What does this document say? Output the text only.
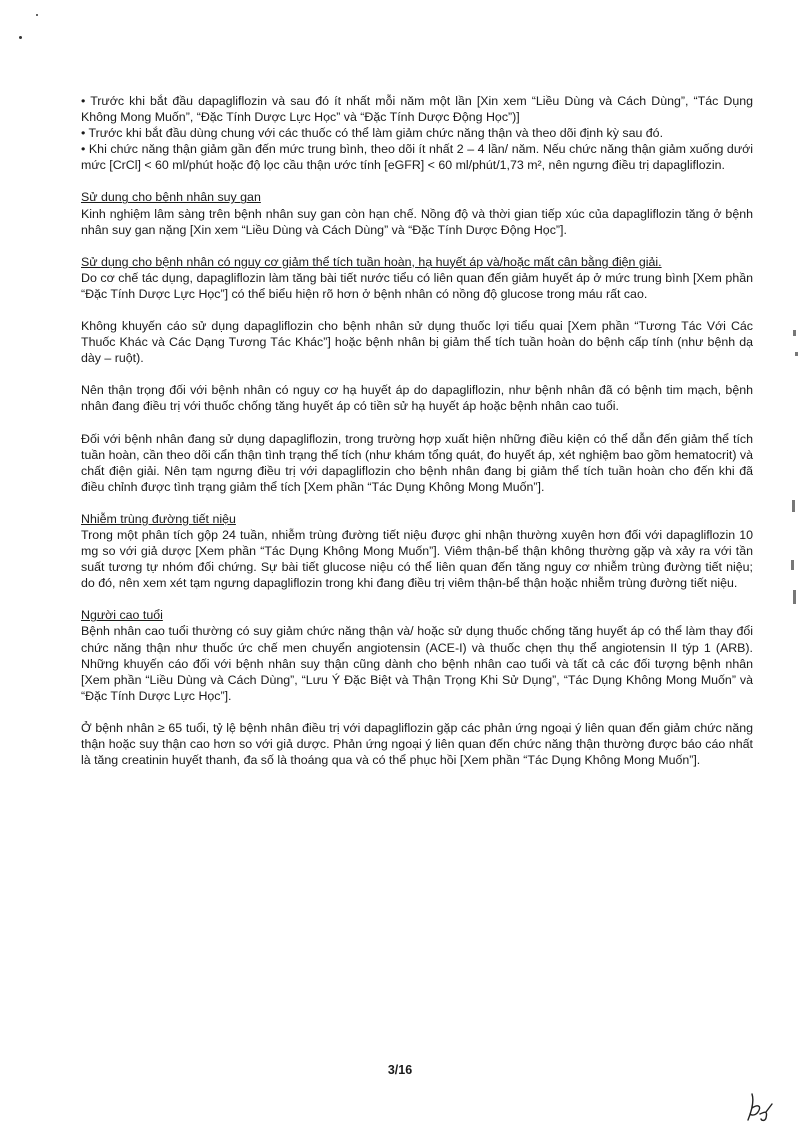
• Trước khi bắt đầu dapagliflozin và sau đó ít nhất mỗi năm một lần [Xin xem “Liều Dùng và Cách Dùng”, “Tác Dụng Không Mong Muốn”, “Đặc Tính Dược Lực Học” và “Đặc Tính Dược Động Học”)]

• Trước khi bắt đầu dùng chung với các thuốc có thể làm giảm chức năng thận và theo dõi định kỳ sau đó.

• Khi chức năng thận giảm gần đến mức trung bình, theo dõi ít nhất 2 – 4 lần/ năm. Nếu chức năng thận giảm xuống dưới mức [CrCl] < 60 ml/phút hoặc độ lọc cầu thận ước tính [eGFR] < 60 ml/phút/1,73 m², nên ngưng điều trị dapagliflozin.

Sử dụng cho bệnh nhân suy gan

Kinh nghiệm lâm sàng trên bệnh nhân suy gan còn hạn chế. Nồng độ và thời gian tiếp xúc của dapagliflozin tăng ở bệnh nhân suy gan nặng [Xin xem “Liều Dùng và Cách Dùng” và “Đặc Tính Dược Động Học”].

Sử dụng cho bệnh nhân có nguy cơ giảm thể tích tuần hoàn, hạ huyết áp và/hoặc mất cân bằng điện giải.

Do cơ chế tác dụng, dapagliflozin làm tăng bài tiết nước tiểu có liên quan đến giảm huyết áp ở mức trung bình [Xem phần “Đặc Tính Dược Lực Học”] có thể biểu hiện rõ hơn ở bệnh nhân có nồng độ glucose trong máu rất cao.

Không khuyến cáo sử dụng dapagliflozin cho bệnh nhân sử dụng thuốc lợi tiểu quai [Xem phần “Tương Tác Với Các Thuốc Khác và Các Dạng Tương Tác Khác”] hoặc bệnh nhân bị giảm thể tích tuần hoàn do bệnh cấp tính (như bệnh dạ dày – ruột).

Nên thận trọng đối với bệnh nhân có nguy cơ hạ huyết áp do dapagliflozin, như bệnh nhân đã có bệnh tim mạch, bệnh nhân đang điều trị với thuốc chống tăng huyết áp có tiền sử hạ huyết áp hoặc bệnh nhân cao tuổi.

Đối với bệnh nhân đang sử dụng dapagliflozin, trong trường hợp xuất hiện những điều kiện có thể dẫn đến giảm thể tích tuần hoàn, cần theo dõi cẩn thận tình trạng thể tích (như khám tổng quát, đo huyết áp, xét nghiệm bao gồm hematocrit) và chất điện giải. Nên tạm ngưng điều trị với dapagliflozin cho bệnh nhân đang bị giảm thể tích tuần hoàn cho đến khi đã điều chỉnh được tình trạng giảm thể tích [Xem phần “Tác Dụng Không Mong Muốn”].

Nhiễm trùng đường tiết niệu

Trong một phân tích gộp 24 tuần, nhiễm trùng đường tiết niệu được ghi nhận thường xuyên hơn đối với dapagliflozin 10 mg so với giả dược [Xem phần “Tác Dụng Không Mong Muốn”]. Viêm thận-bể thận không thường gặp và xảy ra với tần suất tương tự nhóm đối chứng. Sự bài tiết glucose niệu có thể liên quan đến tăng nguy cơ nhiễm trùng đường tiết niệu; do đó, nên xem xét tạm ngưng dapagliflozin trong khi đang điều trị viêm thận-bể thận hoặc nhiễm trùng đường tiết niệu.

Người cao tuổi

Bệnh nhân cao tuổi thường có suy giảm chức năng thận và/ hoặc sử dụng thuốc chống tăng huyết áp có thể làm thay đổi chức năng thận như thuốc ức chế men chuyển angiotensin (ACE-I) và thuốc chẹn thụ thể angiotensin II týp 1 (ARB). Những khuyến cáo đối với bệnh nhân suy thận cũng dành cho bệnh nhân cao tuổi và tất cả các đối tượng bệnh nhân [Xem phần “Liều Dùng và Cách Dùng”, “Lưu Ý Đặc Biệt và Thận Trọng Khi Sử Dụng”, “Tác Dụng Không Mong Muốn” và “Đặc Tính Dược Lực Học”].

Ở bệnh nhân ≥ 65 tuổi, tỷ lệ bệnh nhân điều trị với dapagliflozin gặp các phản ứng ngoại ý liên quan đến giảm chức năng thận hoặc suy thận cao hơn so với giả dược. Phản ứng ngoại ý liên quan đến chức năng thận thường được báo cáo nhất là tăng creatinin huyết thanh, đa số là thoáng qua và có thể phục hồi [Xem phần “Tác Dụng Không Mong Muốn”].

3/16
